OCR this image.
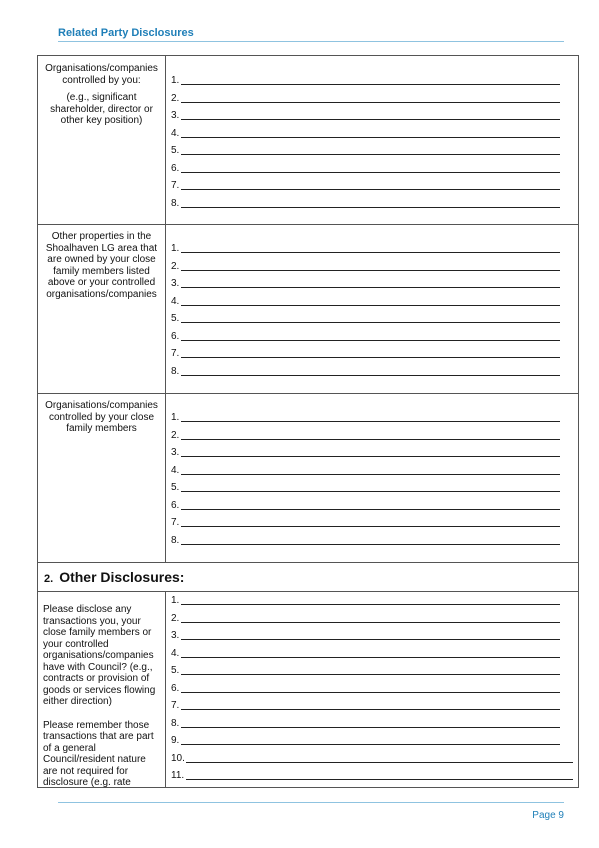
Related Party Disclosures

Organisations/companies controlled by you:

(e.g., significant shareholder, director or other key position)

1.
2.
3.
4.
5.
6.
7.
8.

Other properties in the Shoalhaven LG area that are owned by your close family members listed above or your controlled organisations/companies

1.
2.
3.
4.
5.
6.
7.
8.

Organisations/companies controlled by your close family members

1.
2.
3.
4.
5.
6.
7.
8.
2. Other Disclosures:

Please disclose any transactions you, your close family members or your controlled organisations/companies have with Council? (e.g., contracts or provision of goods or services flowing either direction)

Please remember those transactions that are part of a general Council/resident nature are not required for disclosure (e.g. rate

1.
2.
3.
4.
5.
6.
7.
8.
9.
10.
11.
Page 9
